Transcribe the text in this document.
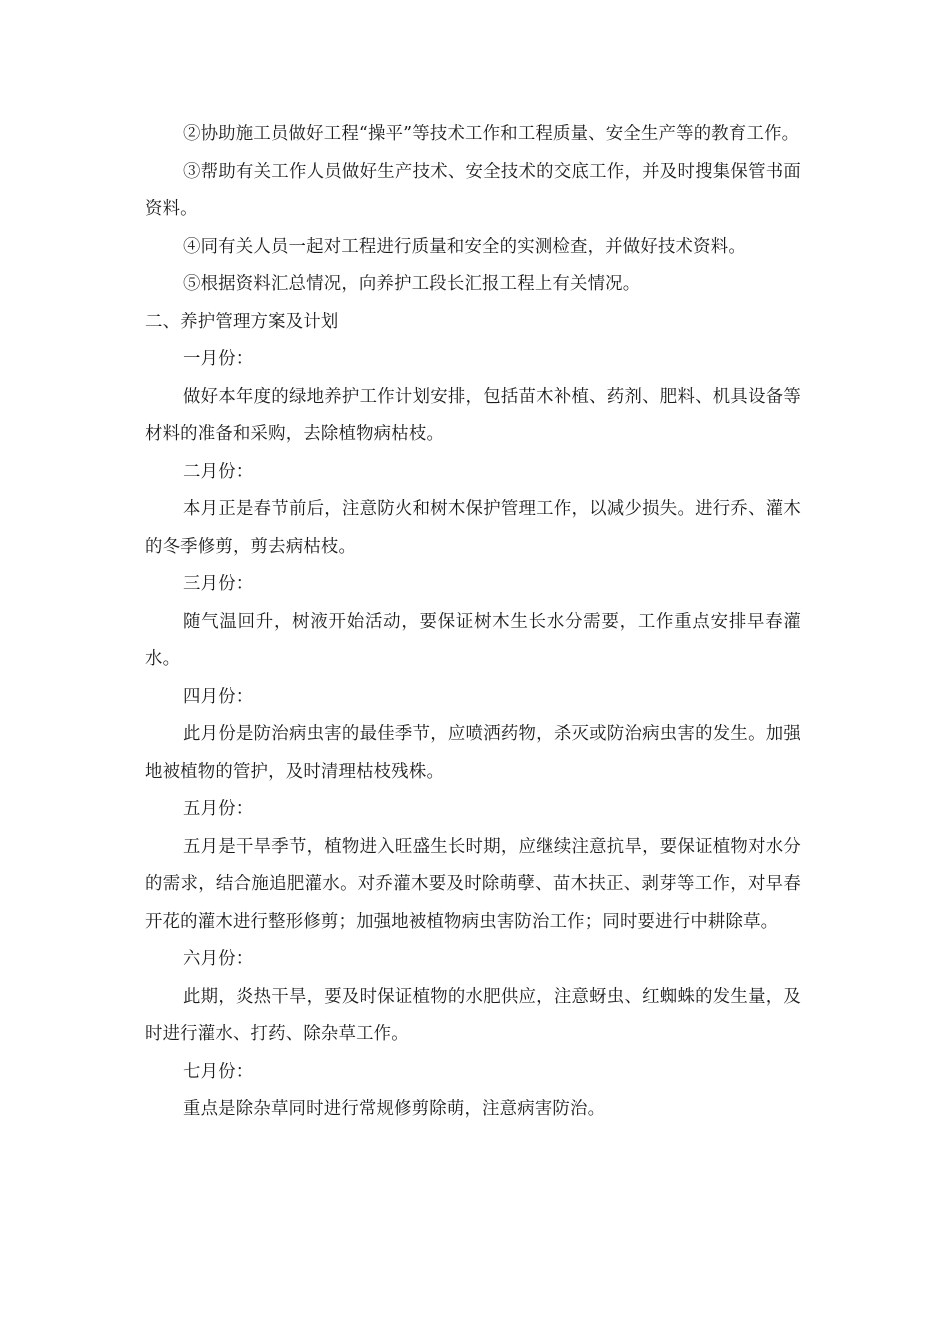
②协助施工员做好工程“操平”等技术工作和工程质量、安全生产等的教育工作。

③帮助有关工作人员做好生产技术、安全技术的交底工作，并及时搜集保管书面资料。

④同有关人员一起对工程进行质量和安全的实测检查，并做好技术资料。

⑤根据资料汇总情况，向养护工段长汇报工程上有关情况。

二、养护管理方案及计划

一月份：

做好本年度的绿地养护工作计划安排，包括苗木补植、药剂、肥料、机具设备等材料的准备和采购，去除植物病枯枝。

二月份：

本月正是春节前后，注意防火和树木保护管理工作，以减少损失。进行乔、灌木的冬季修剪，剪去病枯枝。

三月份：

随气温回升，树液开始活动，要保证树木生长水分需要，工作重点安排早春灌水。

四月份：

此月份是防治病虫害的最佳季节，应喷洒药物，杀灭或防治病虫害的发生。加强地被植物的管护，及时清理枯枝残株。

五月份：

五月是干旱季节，植物进入旺盛生长时期，应继续注意抗旱，要保证植物对水分的需求，结合施追肥灌水。对乔灌木要及时除萌孽、苗木扶正、剥芽等工作，对早春开花的灌木进行整形修剪；加强地被植物病虫害防治工作；同时要进行中耕除草。

六月份：

此期，炎热干旱，要及时保证植物的水肥供应，注意蚜虫、红蜘蛛的发生量，及时进行灌水、打药、除杂草工作。

七月份：

重点是除杂草同时进行常规修剪除萌，注意病害防治。
